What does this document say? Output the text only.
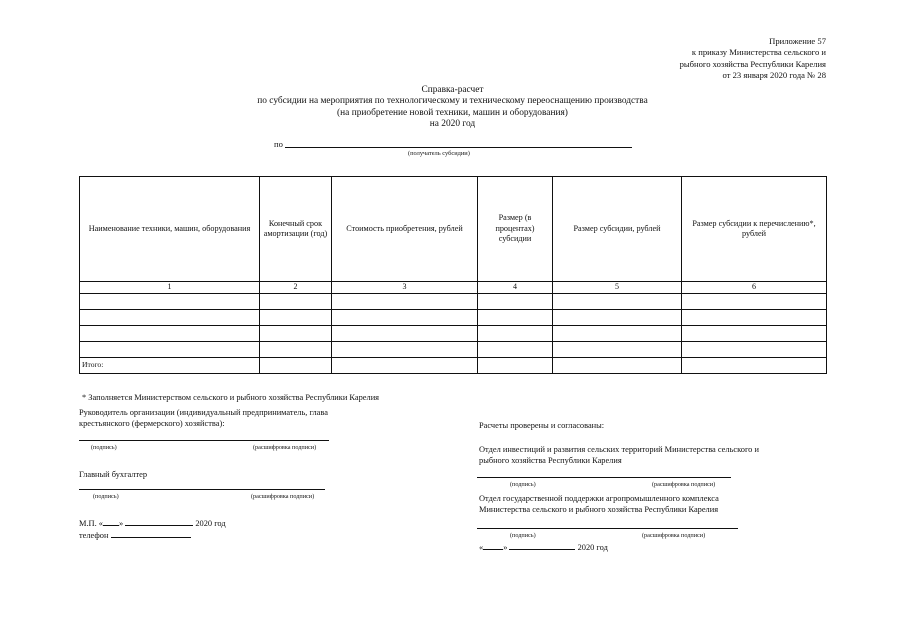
Приложение 57
к приказу Министерства сельского и
рыбного хозяйства Республики Карелия
от 23 января 2020 года № 28
Справка-расчет
по субсидии на мероприятия по технологическому и техническому переоснащению производства
(на приобретение новой техники, машин и оборудования)
на 2020 год
по
(получатель субсидии)
Наименование техники, машин, оборудования	Конечный срок амортизации (год)	Стоимость приобретения, рублей	Размер (в процентах) субсидии	Размер субсидии, рублей	Размер субсидии к перечислению*, рублей
1	2	3	4	5	6

Итого:					
* Заполняется Министерством сельского и рыбного хозяйства Республики Карелия
Руководитель организации (индивидуальный предприниматель, глава
крестьянского (фермерского) хозяйства):
(подпись)	(расшифровка подписи)
Главный бухгалтер
(подпись)	(расшифровка подписи)
М.П. « »	2020 год
телефон
Расчеты проверены и согласованы:
Отдел инвестиций и развития сельских территорий Министерства сельского и
рыбного хозяйства Республики Карелия
(подпись)	(расшифровка подписи)
Отдел государственной поддержки агропромышленного комплекса
Министерства сельского и рыбного хозяйства Республики Карелия
(подпись)	(расшифровка подписи)
« »	2020 год
